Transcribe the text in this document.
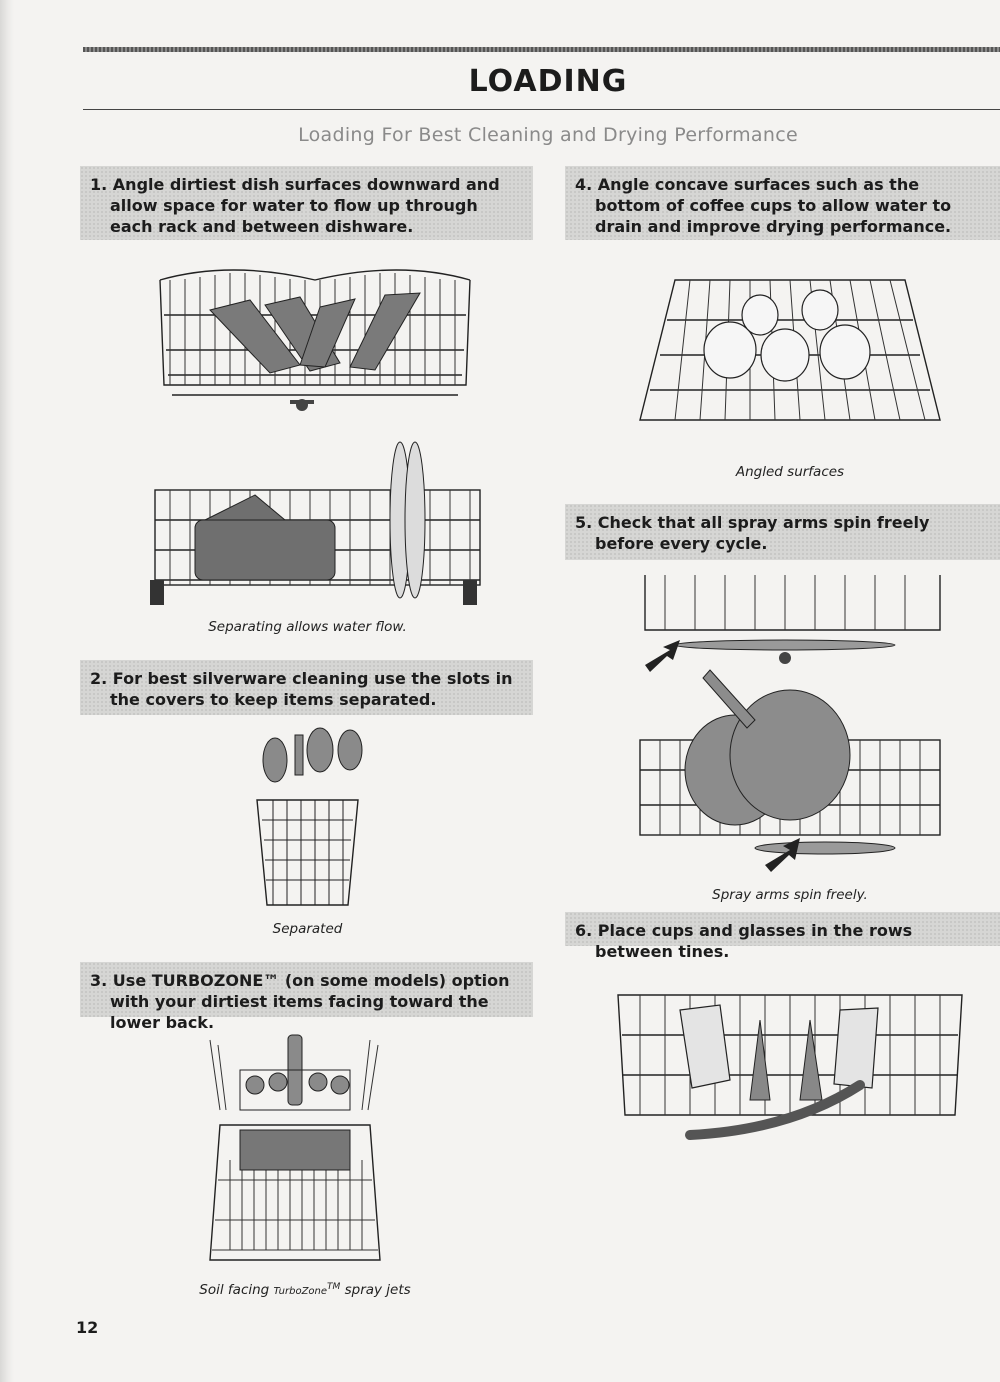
LOADING
Loading For Best Cleaning and Drying Performance
1. Angle dirtiest dish surfaces downward and allow space for water to flow up through each rack and between dishware.
Separating allows water flow.
2. For best silverware cleaning use the slots in the covers to keep items separated.
Separated
3. Use TURBOZONE™ (on some models) option with your dirtiest items facing toward the lower back.
Soil facing TurboZone™ spray jets
4. Angle concave surfaces such as the bottom of coffee cups to allow water to drain and improve drying performance.
Angled surfaces
5. Check that all spray arms spin freely before every cycle.
Spray arms spin freely.
6. Place cups and glasses in the rows between tines.
12
